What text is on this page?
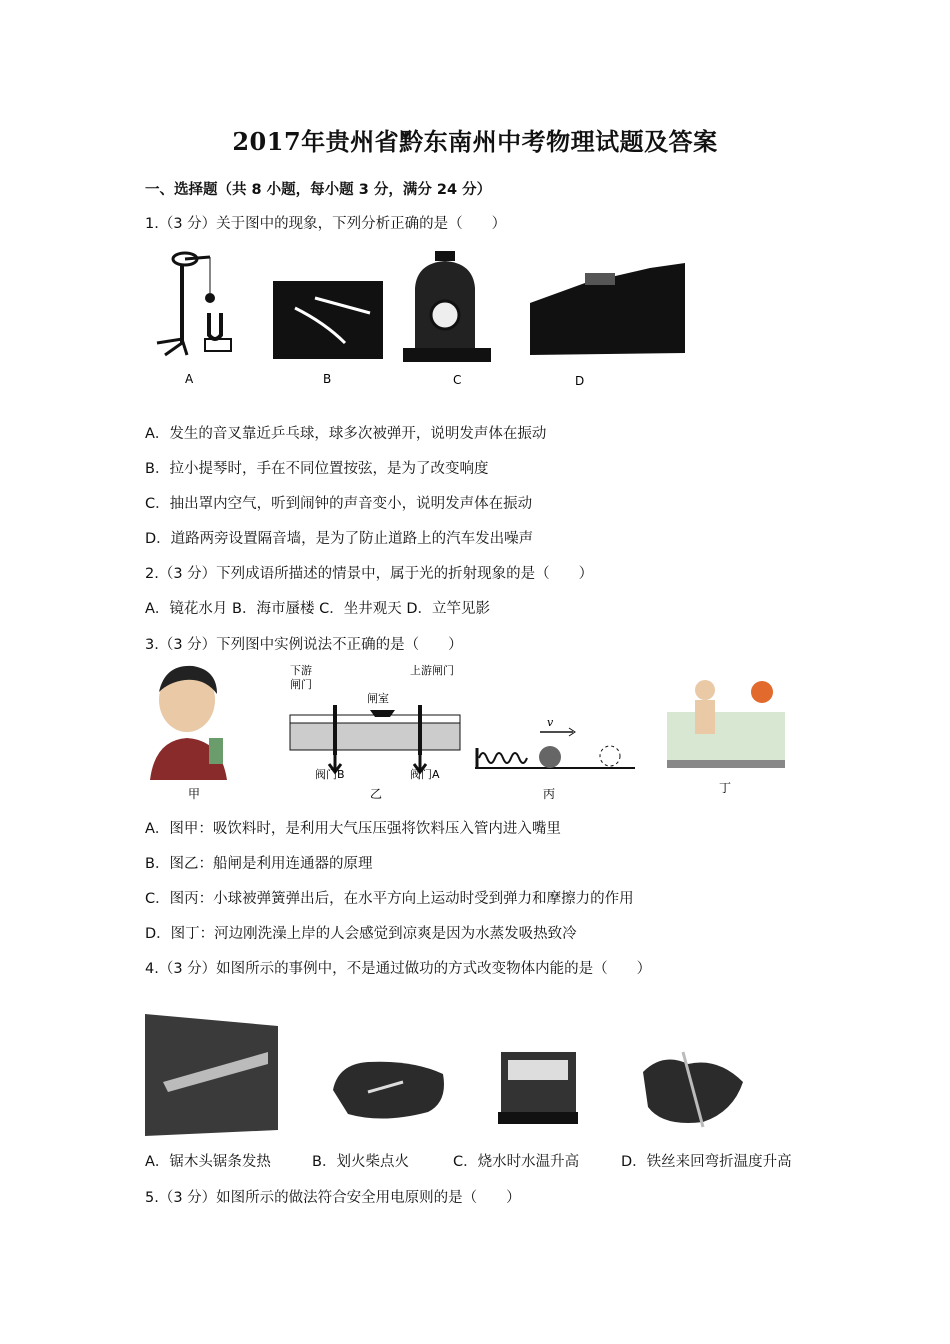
2017年贵州省黔东南州中考物理试题及答案
一、选择题（共 8 小题，每小题 3 分，满分 24 分）
1.（3 分）关于图中的现象，下列分析正确的是（　　）
A	B	C	D
A．发生的音叉靠近乒乓球，球多次被弹开，说明发声体在振动
B．拉小提琴时，手在不同位置按弦，是为了改变响度
C．抽出罩内空气，听到闹钟的声音变小，说明发声体在振动
D．道路两旁设置隔音墙，是为了防止道路上的汽车发出噪声
2.（3 分）下列成语所描述的情景中，属于光的折射现象的是（　　）
A．镜花水月 B．海市蜃楼 C．坐井观天 D．立竿见影
3.（3 分）下列图中实例说法不正确的是（　　）
下游
闸门
闸室
上游闸门
阀门B	阀门A
v
甲	乙	丙	丁
A．图甲：吸饮料时，是利用大气压压强将饮料压入管内进入嘴里
B．图乙：船闸是利用连通器的原理
C．图丙：小球被弹簧弹出后，在水平方向上运动时受到弹力和摩擦力的作用
D．图丁：河边刚洗澡上岸的人会感觉到凉爽是因为水蒸发吸热致冷
4.（3 分）如图所示的事例中，不是通过做功的方式改变物体内能的是（　　）
A．锯木头锯条发热	B．划火柴点火	C．烧水时水温升高	D．铁丝来回弯折温度升高
5.（3 分）如图所示的做法符合安全用电原则的是（　　）
